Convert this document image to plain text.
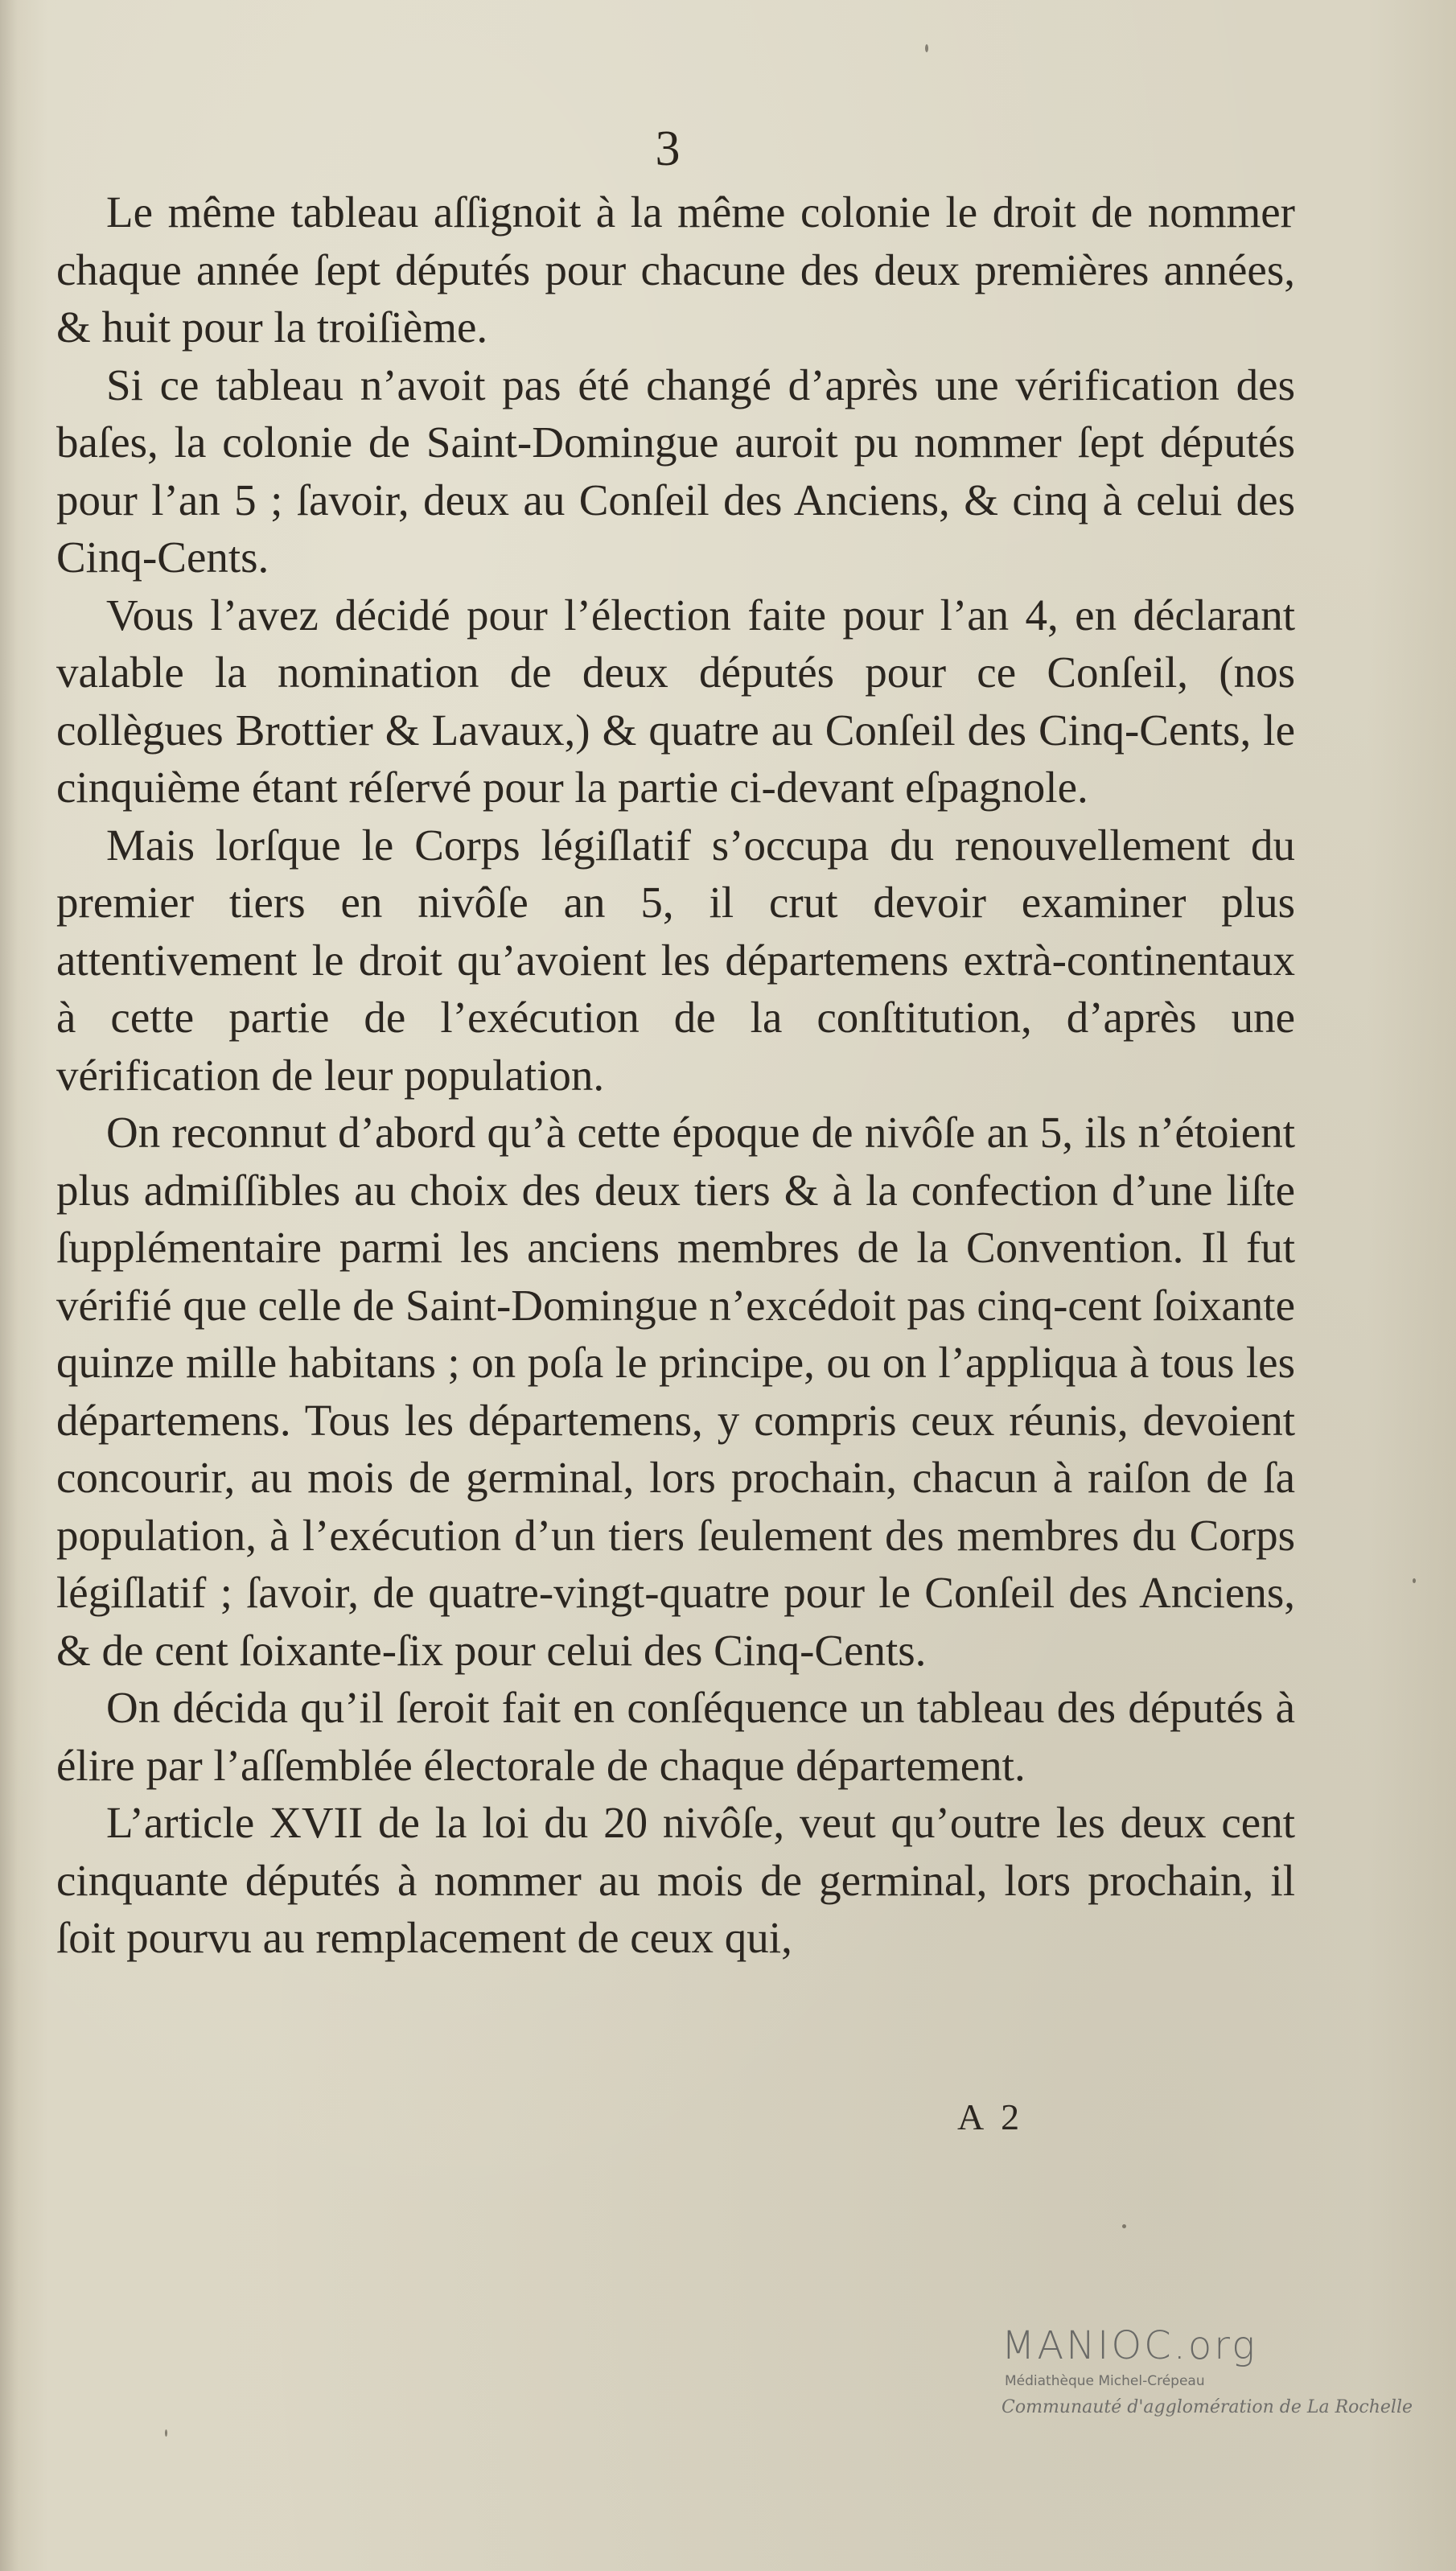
3

Le même tableau aſſignoit à la même colonie le droit de nommer chaque année ſept députés pour chacune des deux premières années, & huit pour la troiſième.

Si ce tableau n’avoit pas été changé d’après une vérification des baſes, la colonie de Saint-Domingue auroit pu nommer ſept députés pour l’an 5 ; ſavoir, deux au Conſeil des Anciens, & cinq à celui des Cinq-Cents.

Vous l’avez décidé pour l’élection faite pour l’an 4, en déclarant valable la nomination de deux députés pour ce Conſeil, (nos collègues Brottier & Lavaux,) & quatre au Conſeil des Cinq-Cents, le cinquième étant réſervé pour la partie ci-devant eſpagnole.

Mais lorſque le Corps légiſlatif s’occupa du renouvellement du premier tiers en nivôſe an 5, il crut devoir examiner plus attentivement le droit qu’avoient les départemens extrà-continentaux à cette partie de l’exécution de la conſtitution, d’après une vérification de leur population.

On reconnut d’abord qu’à cette époque de nivôſe an 5, ils n’étoient plus admiſſibles au choix des deux tiers & à la confection d’une liſte ſupplémentaire parmi les anciens membres de la Convention. Il fut vérifié que celle de Saint-Domingue n’excédoit pas cinq-cent ſoixante quinze mille habitans ; on poſa le principe, ou on l’appliqua à tous les départemens. Tous les départemens, y compris ceux réunis, devoient concourir, au mois de germinal, lors prochain, chacun à raiſon de ſa population, à l’exécution d’un tiers ſeulement des membres du Corps légiſlatif ; ſavoir, de quatre-vingt-quatre pour le Conſeil des Anciens, & de cent ſoixante-ſix pour celui des Cinq-Cents.

On décida qu’il ſeroit fait en conſéquence un tableau des députés à élire par l’aſſemblée électorale de chaque département.

L’article XVII de la loi du 20 nivôſe, veut qu’outre les deux cent cinquante députés à nommer au mois de germinal, lors prochain, il ſoit pourvu au remplacement de ceux qui,

A 2
MANIOC.org
Médiathèque Michel-Crépeau
Communauté d'agglomération de La Rochelle
